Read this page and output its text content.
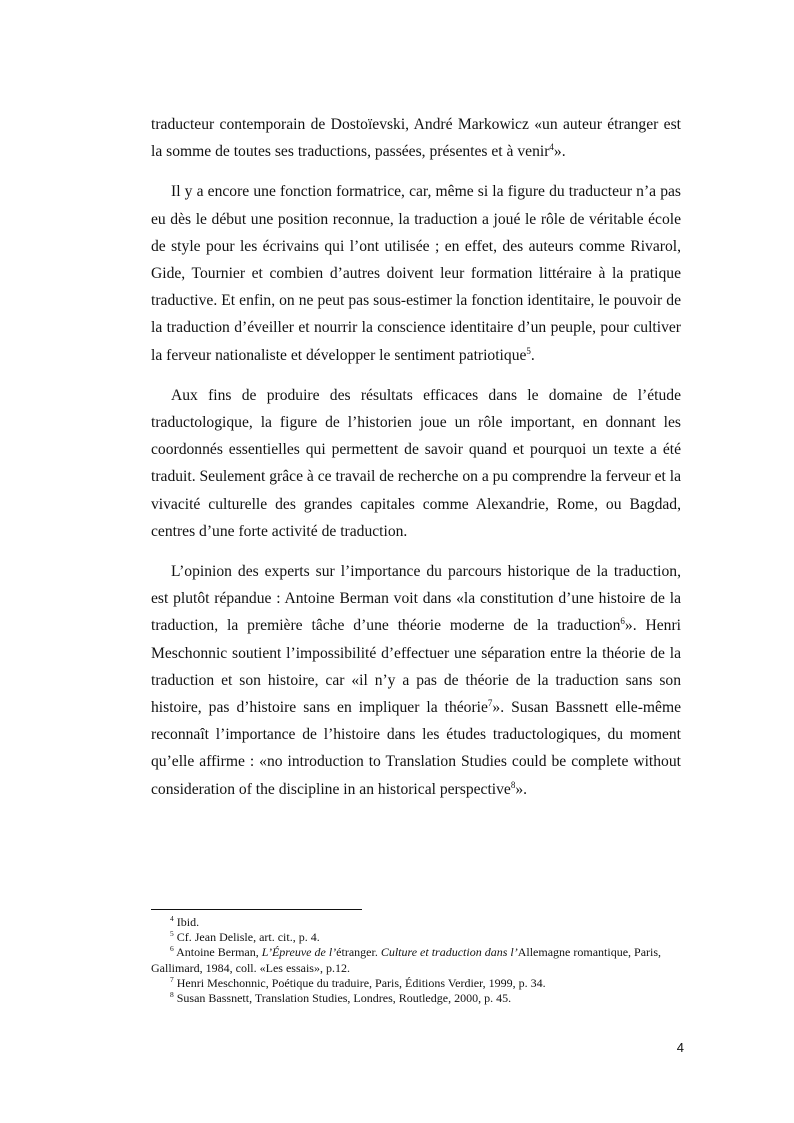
traducteur contemporain de Dostoïevski, André Markowicz «un auteur étranger est la somme de toutes ses traductions, passées, présentes et à venir$^4$».

Il y a encore une fonction formatrice, car, même si la figure du traducteur n’a pas eu dès le début une position reconnue, la traduction a joué le rôle de véritable école de style pour les écrivains qui l’ont utilisée ; en effet, des auteurs comme Rivarol, Gide, Tournier et combien d’autres doivent leur formation littéraire à la pratique traductive. Et enfin, on ne peut pas sous-estimer la fonction identitaire, le pouvoir de la traduction d’éveiller et nourrir la conscience identitaire d’un peuple, pour cultiver la ferveur nationaliste et développer le sentiment patriotique$^5$.

Aux fins de produire des résultats efficaces dans le domaine de l’étude traductologique, la figure de l’historien joue un rôle important, en donnant les coordonnés essentielles qui permettent de savoir quand et pourquoi un texte a été traduit. Seulement grâce à ce travail de recherche on a pu comprendre la ferveur et la vivacité culturelle des grandes capitales comme Alexandrie, Rome, ou Bagdad, centres d’une forte activité de traduction.

L’opinion des experts sur l’importance du parcours historique de la traduction, est plutôt répandue : Antoine Berman voit dans «la constitution d’une histoire de la traduction, la première tâche d’une théorie moderne de la traduction$^6$». Henri Meschonnic soutient l’impossibilité d’effectuer une séparation entre la théorie de la traduction et son histoire, car «il n’y a pas de théorie de la traduction sans son histoire, pas d’histoire sans en impliquer la théorie$^7$». Susan Bassnett elle-même reconnaît l’importance de l’histoire dans les études traductologiques, du moment qu’elle affirme : «no introduction to Translation Studies could be complete without consideration of the discipline in an historical perspective$^8$».

$^4$ Ibid.

$^5$ Cf. Jean Delisle, art. cit., p. 4.

$^6$ Antoine Berman, L’Épreuve de l’étranger. Culture et traduction dans l’Allemagne romantique, Paris, Gallimard, 1984, coll. «Les essais», p.12.

$^7$ Henri Meschonnic, Poétique du traduire, Paris, Éditions Verdier, 1999, p. 34.

$^8$ Susan Bassnett, Translation Studies, Londres, Routledge, 2000, p. 45.

4
